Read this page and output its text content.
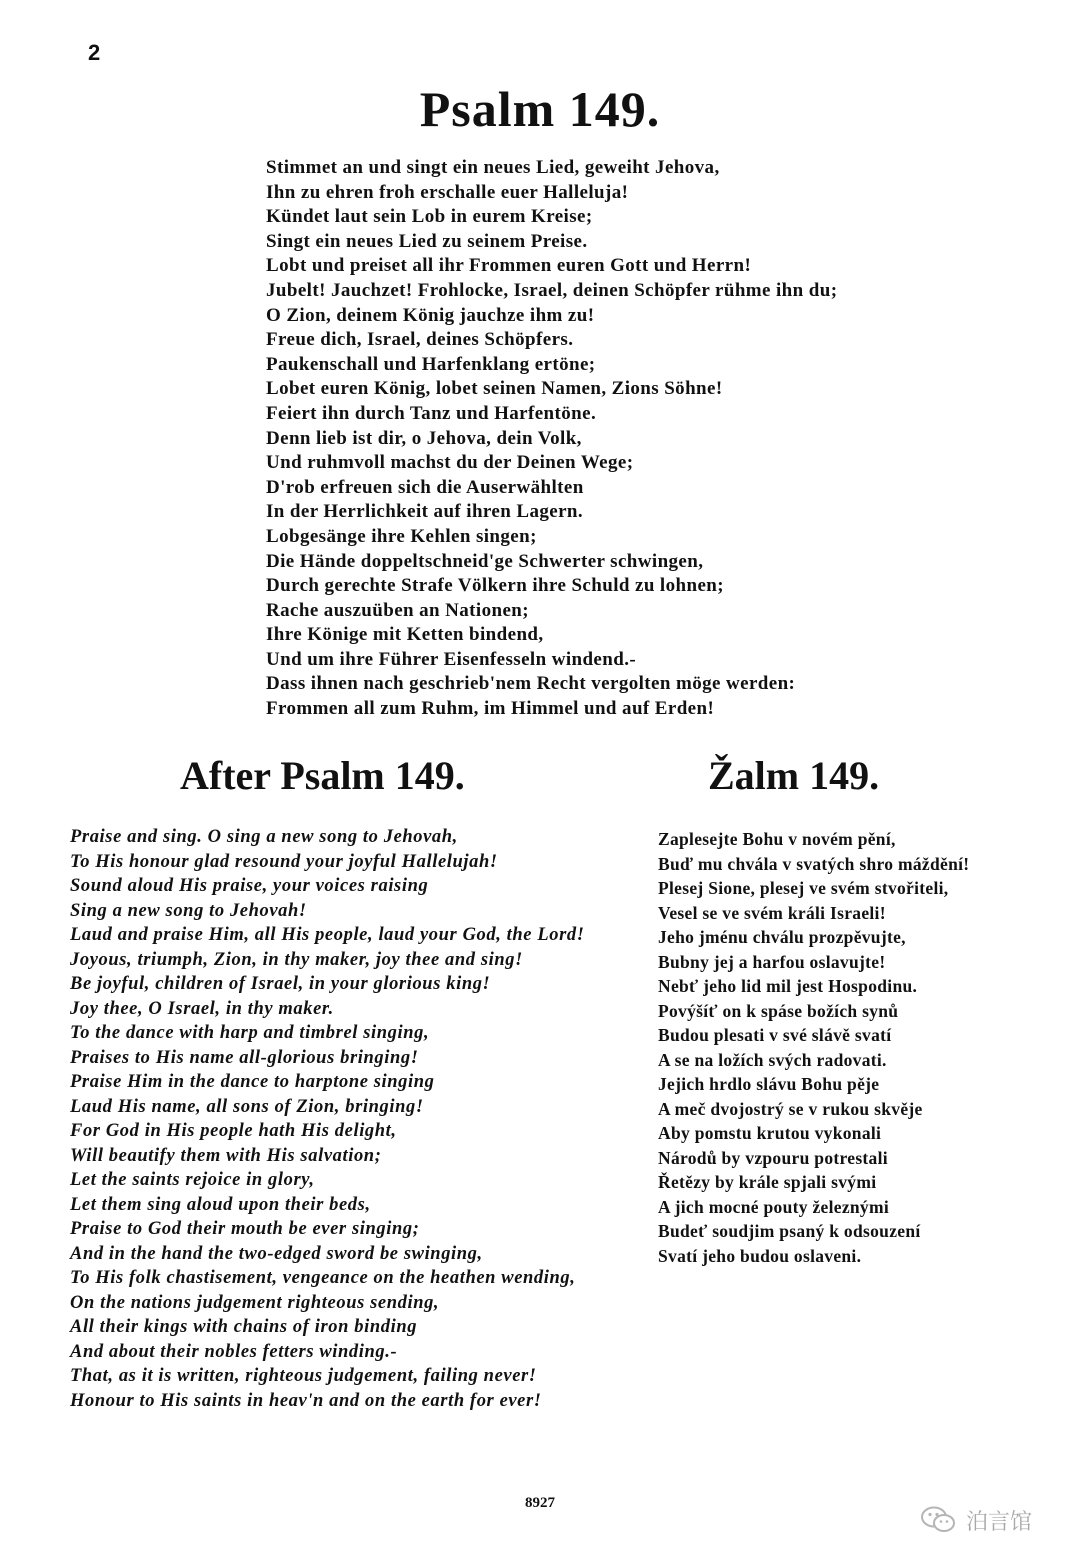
2
Psalm 149.
Stimmet an und singt ein neues Lied, geweiht Jehova,
Ihn zu ehren froh erschalle euer Halleluja!
Kündet laut sein Lob in eurem Kreise;
Singt ein neues Lied zu seinem Preise.
Lobt und preiset all ihr Frommen euren Gott und Herrn!
Jubelt! Jauchzet! Frohlocke, Israel, deinen Schöpfer rühme ihn du;
O Zion, deinem König jauchze ihm zu!
Freue dich, Israel, deines Schöpfers.
Paukenschall und Harfenklang ertöne;
Lobet euren König, lobet seinen Namen, Zions Söhne!
Feiert ihn durch Tanz und Harfentöne.
Denn lieb ist dir, o Jehova, dein Volk,
Und ruhmvoll machst du der Deinen Wege;
D'rob erfreuen sich die Auserwählten
In der Herrlichkeit auf ihren Lagern.
Lobgesänge ihre Kehlen singen;
Die Hände doppeltschneid'ge Schwerter schwingen,
Durch gerechte Strafe Völkern ihre Schuld zu lohnen;
Rache auszuüben an Nationen;
Ihre Könige mit Ketten bindend,
Und um ihre Führer Eisenfesseln windend.-
Dass ihnen nach geschrieb'nem Recht vergolten möge werden:
Frommen all zum Ruhm, im Himmel und auf Erden!
After Psalm 149.	Žalm 149.
Praise and sing. O sing a new song to Jehovah,
To His honour glad resound your joyful Hallelujah!
Sound aloud His praise, your voices raising
Sing a new song to Jehovah!
Laud and praise Him, all His people, laud your God, the Lord!
Joyous, triumph, Zion, in thy maker, joy thee and sing!
Be joyful, children of Israel, in your glorious king!
Joy thee, O Israel, in thy maker.
To the dance with harp and timbrel singing,
Praises to His name all-glorious bringing!
Praise Him in the dance to harptone singing
Laud His name, all sons of Zion, bringing!
For God in His people hath His delight,
Will beautify them with His salvation;
Let the saints rejoice in glory,
Let them sing aloud upon their beds,
Praise to God their mouth be ever singing;
And in the hand the two-edged sword be swinging,
To His folk chastisement, vengeance on the heathen wending,
On the nations judgement righteous sending,
All their kings with chains of iron binding
And about their nobles fetters winding.-
That, as it is written, righteous judgement, failing never!
Honour to His saints in heav'n and on the earth for ever!
Zaplesejte Bohu v novém pění,
Buď mu chvála v svatých shro máždění!
Plesej Sione, plesej ve svém stvořiteli,
Vesel se ve svém králi Israeli!
Jeho jménu chválu prozpěvujte,
Bubny jej a harfou oslavujte!
Nebť jeho lid mil jest Hospodinu.
Povýšíť on k spáse božích synů
Budou plesati v své slávě svatí
A se na ložích svých radovati.
Jejich hrdlo slávu Bohu pěje
A meč dvojostrý se v rukou skvěje
Aby pomstu krutou vykonali
Národů by vzpouru potrestali
Řetězy by krále spjali svými
A jich mocné pouty železnými
Budeť soudjim psaný k odsouzení
Svatí jeho budou oslaveni.
8927
泊言馆
